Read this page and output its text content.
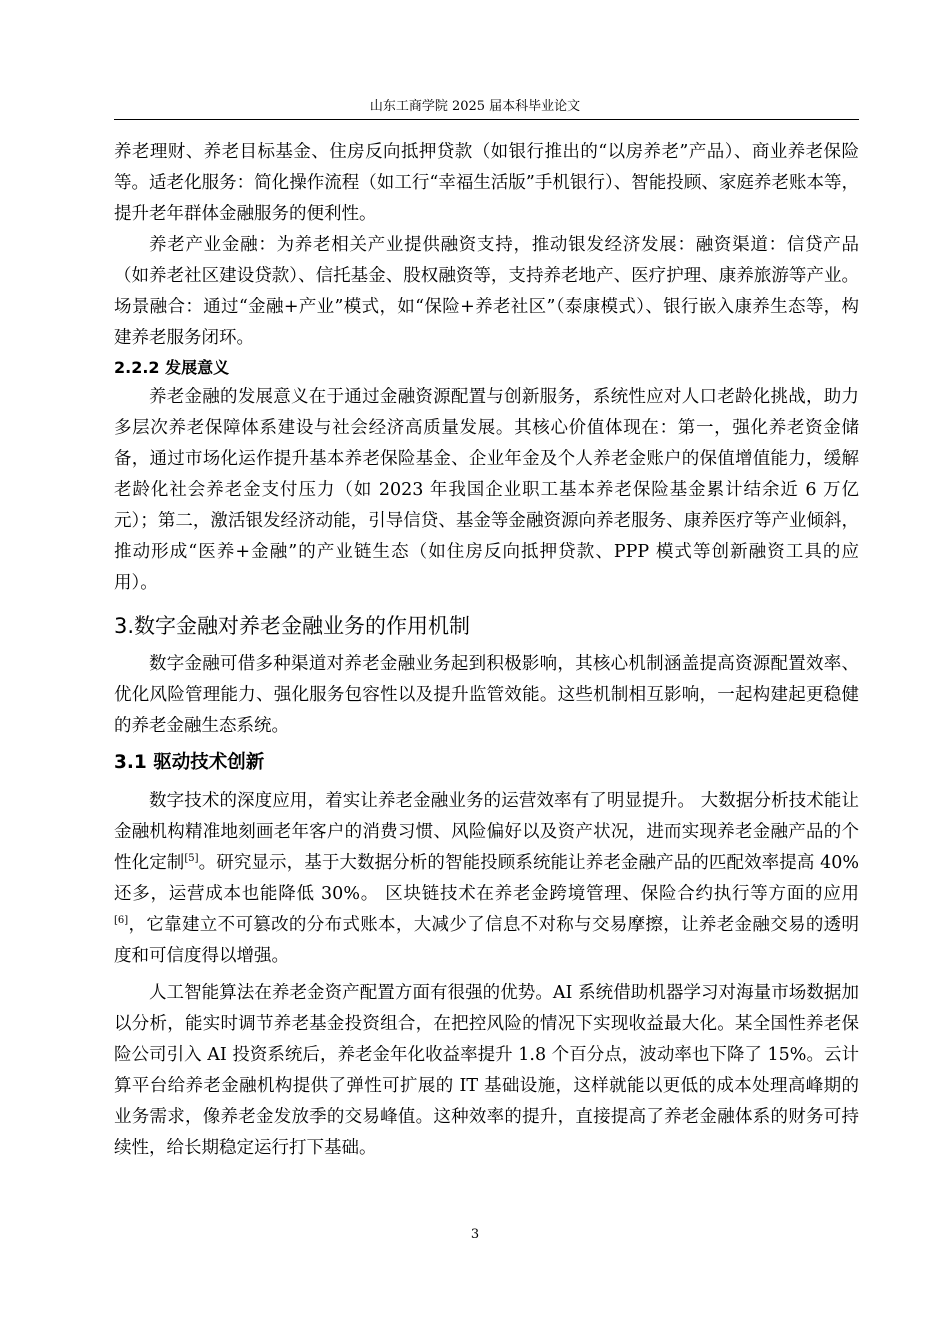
山东工商学院 2025 届本科毕业论文

养老理财、养老目标基金、住房反向抵押贷款（如银行推出的“以房养老”产品）、商业养老保险等。适老化服务：简化操作流程（如工行“幸福生活版”手机银行）、智能投顾、家庭养老账本等，提升老年群体金融服务的便利性。

养老产业金融：为养老相关产业提供融资支持，推动银发经济发展：融资渠道：信贷产品（如养老社区建设贷款）、信托基金、股权融资等，支持养老地产、医疗护理、康养旅游等产业。场景融合：通过“金融+产业”模式，如“保险+养老社区”（泰康模式）、银行嵌入康养生态等，构建养老服务闭环。

2.2.2 发展意义

养老金融的发展意义在于通过金融资源配置与创新服务，系统性应对人口老龄化挑战，助力多层次养老保障体系建设与社会经济高质量发展。其核心价值体现在：第一，强化养老资金储备，通过市场化运作提升基本养老保险基金、企业年金及个人养老金账户的保值增值能力，缓解老龄化社会养老金支付压力（如 2023 年我国企业职工基本养老保险基金累计结余近 6 万亿元）；第二，激活银发经济动能，引导信贷、基金等金融资源向养老服务、康养医疗等产业倾斜，推动形成“医养+金融”的产业链生态（如住房反向抵押贷款、PPP 模式等创新融资工具的应用）。

3.数字金融对养老金融业务的作用机制

数字金融可借多种渠道对养老金融业务起到积极影响，其核心机制涵盖提高资源配置效率、优化风险管理能力、强化服务包容性以及提升监管效能。这些机制相互影响，一起构建起更稳健的养老金融生态系统。

3.1 驱动技术创新

数字技术的深度应用，着实让养老金融业务的运营效率有了明显提升。 大数据分析技术能让金融机构精准地刻画老年客户的消费习惯、风险偏好以及资产状况，进而实现养老金融产品的个性化定制[5]。研究显示，基于大数据分析的智能投顾系统能让养老金融产品的匹配效率提高 40%还多，运营成本也能降低 30%。 区块链技术在养老金跨境管理、保险合约执行等方面的应用[6]，它靠建立不可篡改的分布式账本，大减少了信息不对称与交易摩擦，让养老金融交易的透明度和可信度得以增强。

人工智能算法在养老金资产配置方面有很强的优势。AI 系统借助机器学习对海量市场数据加以分析，能实时调节养老基金投资组合，在把控风险的情况下实现收益最大化。某全国性养老保险公司引入 AI 投资系统后，养老金年化收益率提升 1.8 个百分点，波动率也下降了 15%。云计算平台给养老金融机构提供了弹性可扩展的 IT 基础设施，这样就能以更低的成本处理高峰期的业务需求，像养老金发放季的交易峰值。这种效率的提升，直接提高了养老金融体系的财务可持续性，给长期稳定运行打下基础。

3
